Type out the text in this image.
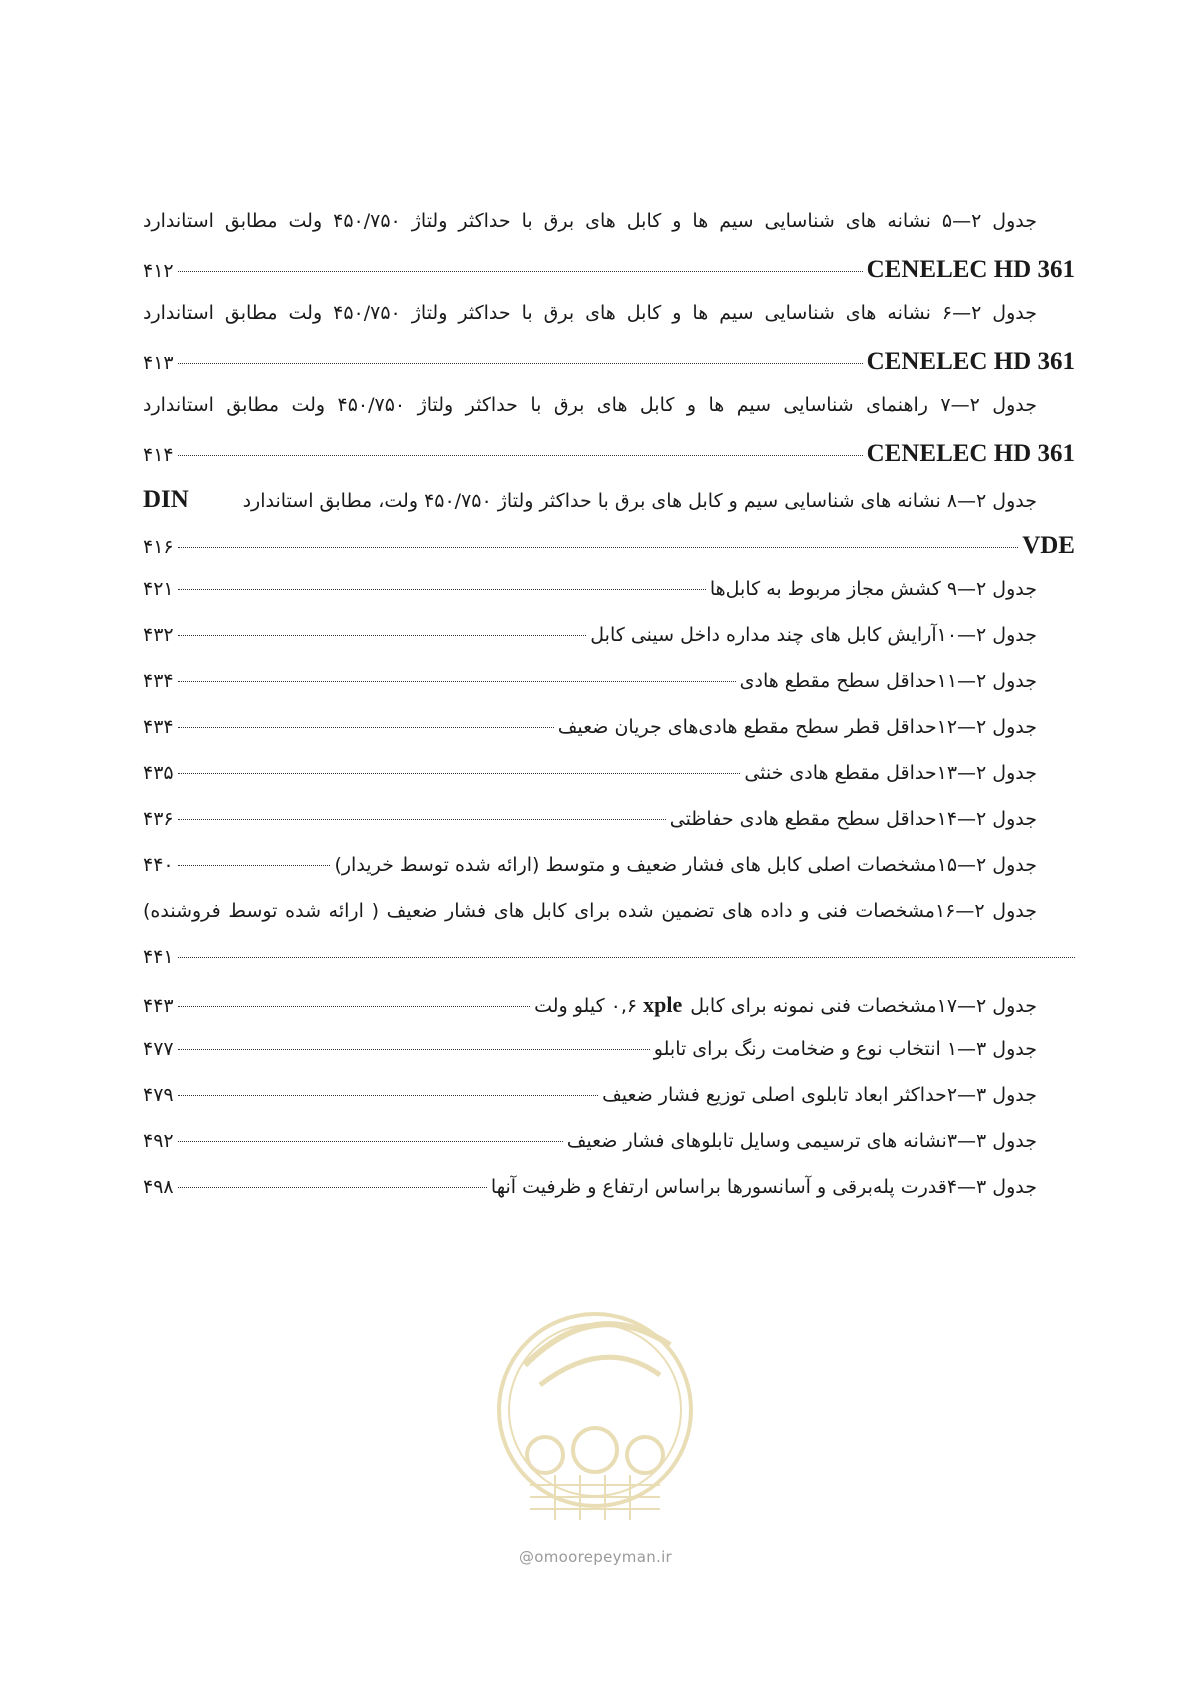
جدول ۲—۵ نشانه های شناسایی سیم ها و کابل های برق با حداکثر ولتاژ ۴۵۰/۷۵۰ ولت مطابق استاندارد
CENELEC HD 361
۴۱۲
جدول ۲—۶ نشانه های شناسایی سیم ها و کابل های برق با حداکثر ولتاژ ۴۵۰/۷۵۰ ولت مطابق استاندارد
CENELEC HD 361
۴۱۳
جدول ۲—۷ راهنمای شناسایی سیم ها و کابل های برق با حداکثر ولتاژ ۴۵۰/۷۵۰ ولت مطابق استاندارد
CENELEC HD 361
۴۱۴
جدول ۲—۸ نشانه های شناسایی سیم و کابل های برق با حداکثر ولتاژ ۴۵۰/۷۵۰ ولت، مطابق استاندارد
DIN
VDE
۴۱۶
جدول ۲—۹ کشش مجاز مربوط به کابل‌ها
۴۲۱
جدول ۲—۱۰آرایش کابل های چند مداره داخل سینی کابل
۴۳۲
جدول ۲—۱۱حداقل سطح مقطع هادی
۴۳۴
جدول ۲—۱۲حداقل قطر سطح مقطع هادی‌های جریان ضعیف
۴۳۴
جدول ۲—۱۳حداقل مقطع هادی خنثی
۴۳۵
جدول ۲—۱۴حداقل سطح مقطع هادی حفاظتی
۴۳۶
جدول ۲—۱۵مشخصات اصلی کابل های فشار ضعیف و متوسط (ارائه شده توسط خریدار)
۴۴۰
جدول ۲—۱۶مشخصات فنی و داده های تضمین شده برای کابل های فشار ضعیف ( ارائه شده توسط فروشنده)
۴۴۱
جدول ۲—۱۷مشخصات فنی نمونه برای کابل
xple
۰,۶ کیلو ولت
۴۴۳
جدول ۳—۱ انتخاب نوع و ضخامت رنگ برای تابلو
۴۷۷
جدول ۳—۲حداکثر ابعاد تابلوی اصلی توزیع فشار ضعیف
۴۷۹
جدول ۳—۳نشانه های ترسیمی وسایل تابلوهای فشار ضعیف
۴۹۲
جدول ۳—۴قدرت پله‌برقی و آسانسورها براساس ارتفاع و ظرفیت آنها
۴۹۸
@omoorepeyman.ir
